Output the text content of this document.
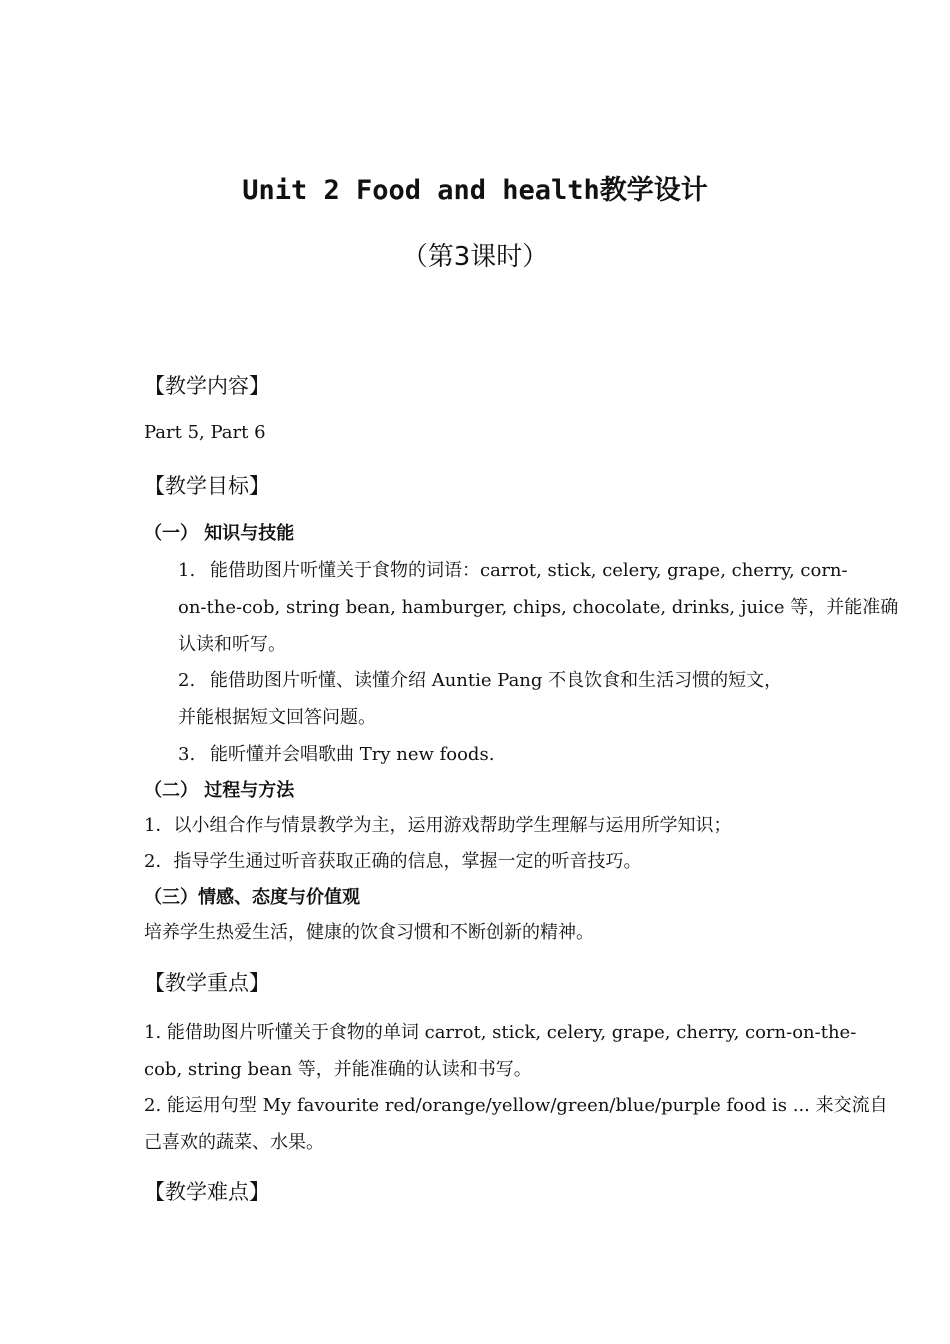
Unit 2 Food and health教学设计
（第3课时）
【教学内容】
Part 5, Part 6
【教学目标】
（一） 知识与技能
1. 能借助图片听懂关于食物的词语：carrot, stick, celery, grape, cherry, corn-
on-the-cob, string bean, hamburger, chips, chocolate, drinks, juice 等，并能准确
认读和听写。
2. 能借助图片听懂、读懂介绍 Auntie Pang 不良饮食和生活习惯的短文，
并能根据短文回答问题。
3. 能听懂并会唱歌曲 Try new foods.
（二） 过程与方法
1．以小组合作与情景教学为主，运用游戏帮助学生理解与运用所学知识；
2．指导学生通过听音获取正确的信息，掌握一定的听音技巧。
（三）情感、态度与价值观
培养学生热爱生活，健康的饮食习惯和不断创新的精神。
【教学重点】
1. 能借助图片听懂关于食物的单词 carrot, stick, celery, grape, cherry, corn-on-the-
cob, string bean 等，并能准确的认读和书写。
2. 能运用句型 My favourite red/orange/yellow/green/blue/purple food is ... 来交流自
己喜欢的蔬菜、水果。
【教学难点】
